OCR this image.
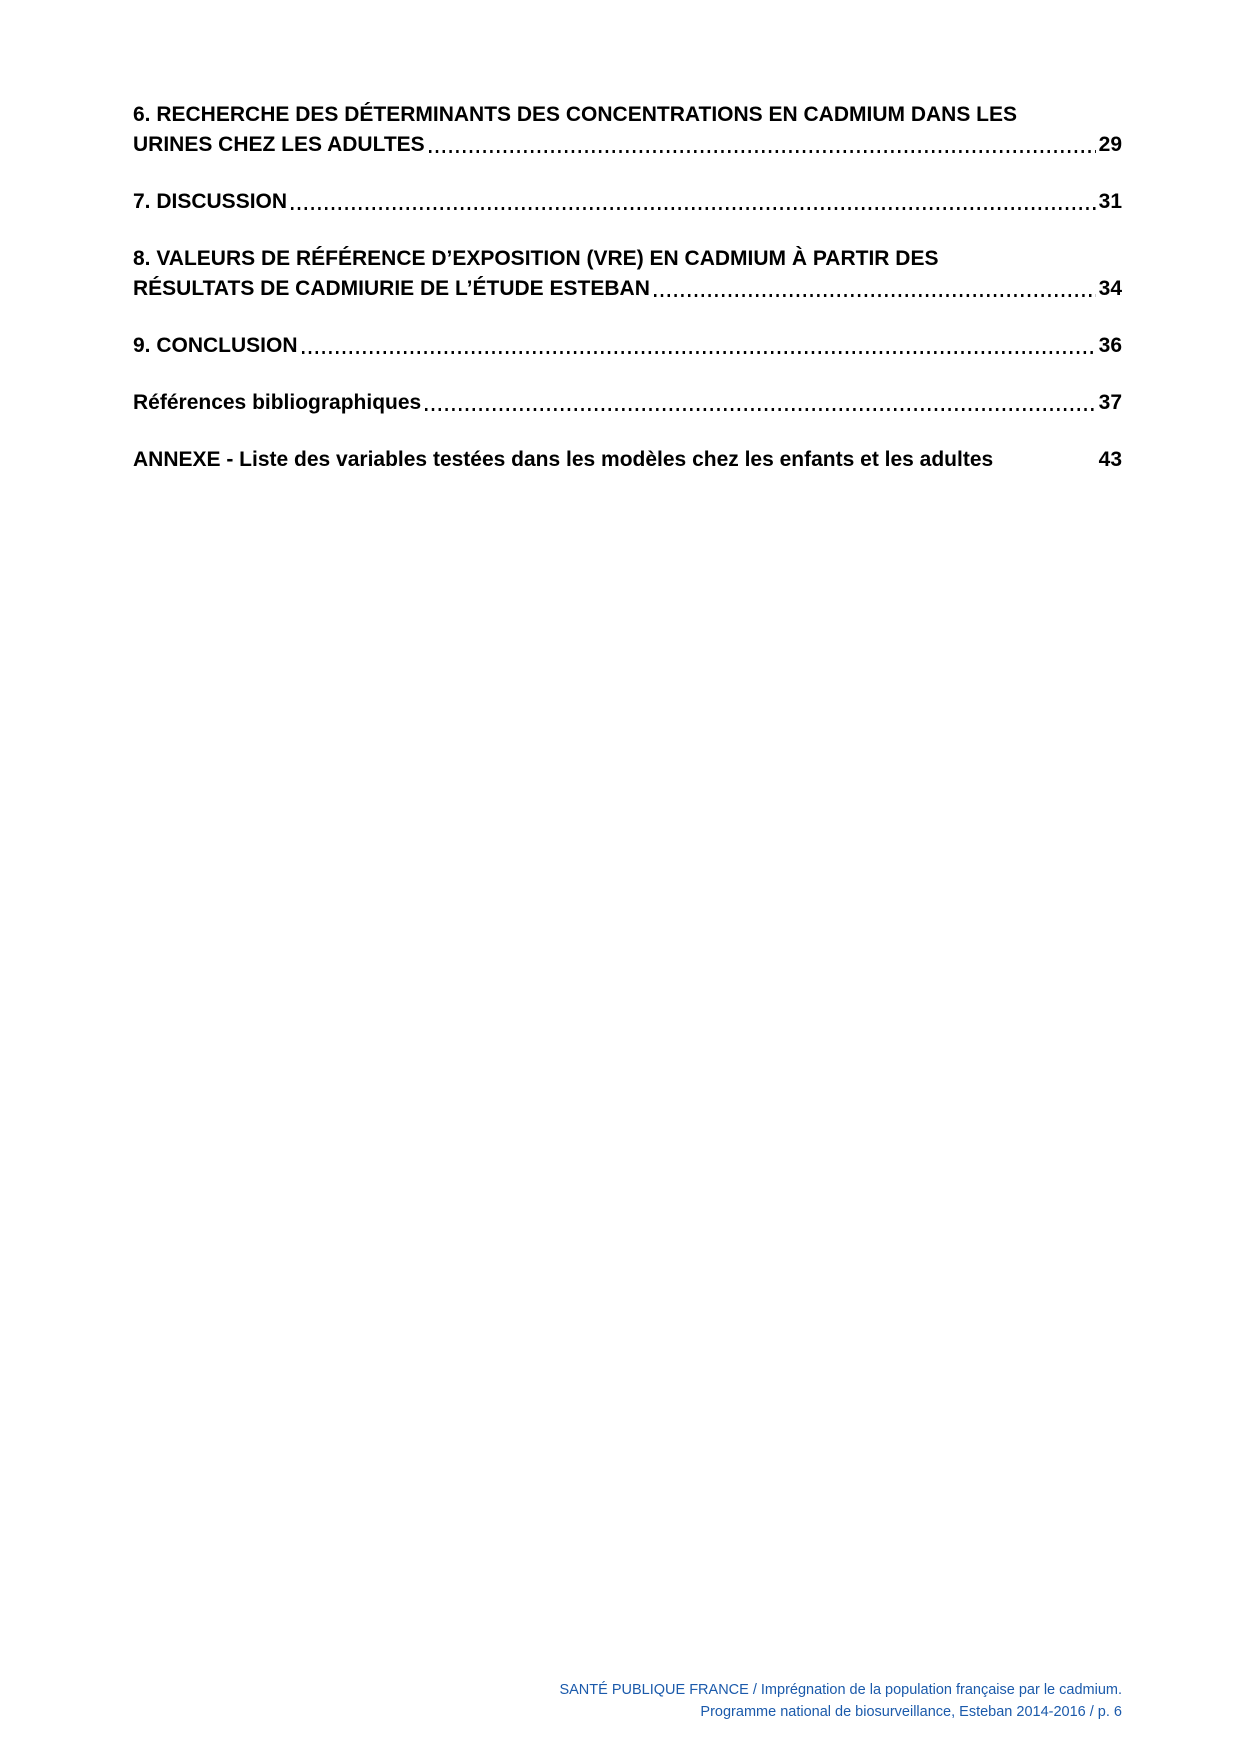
6. RECHERCHE DES DÉTERMINANTS DES CONCENTRATIONS EN CADMIUM DANS LES
URINES CHEZ LES ADULTES	29
7. DISCUSSION	31
8. VALEURS DE RÉFÉRENCE D’EXPOSITION (VRE) EN CADMIUM À PARTIR DES
RÉSULTATS DE CADMIURIE DE L’ÉTUDE ESTEBAN	34
9. CONCLUSION	36
Références bibliographiques	37
ANNEXE - Liste des variables testées dans les modèles chez les enfants et les adultes	43
SANTÉ PUBLIQUE FRANCE / Imprégnation de la population française par le cadmium.
Programme national de biosurveillance, Esteban 2014-2016 / p. 6
